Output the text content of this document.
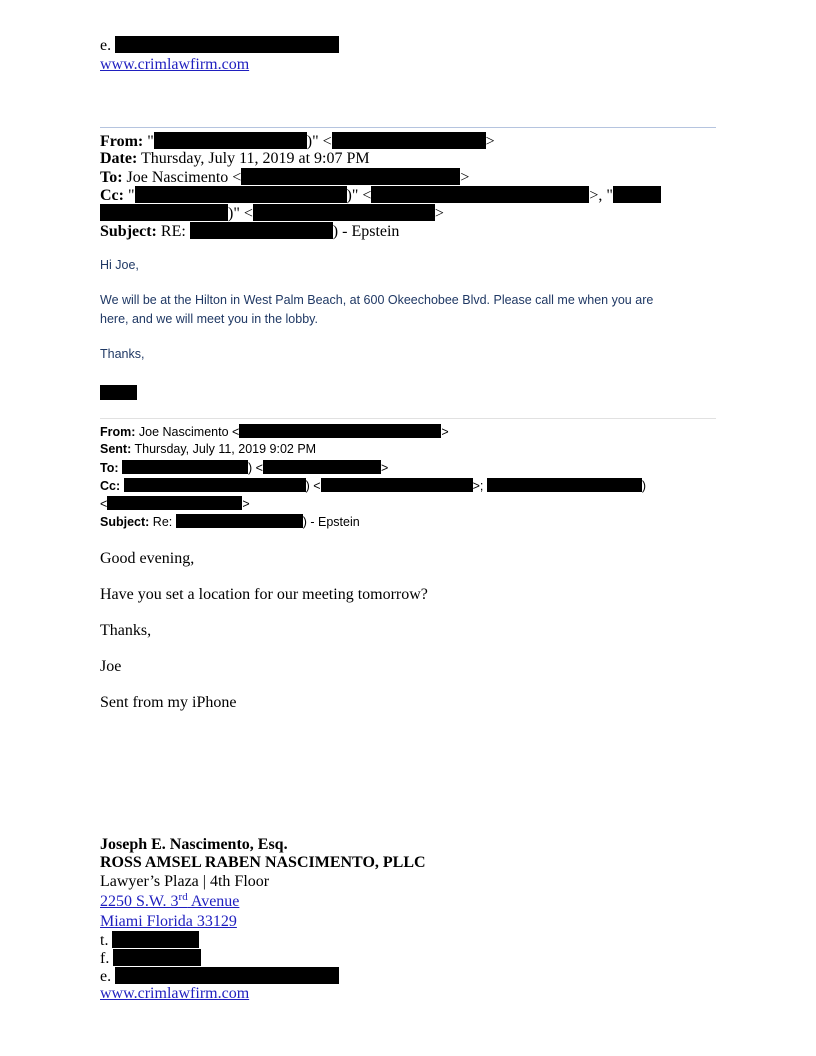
e.
www.crimlawfirm.com
From: "	)" <	>
Date: Thursday, July 11, 2019 at 9:07 PM
To: Joe Nascimento <	>
Cc: "	)" <	>, "
)" <	>
Subject: RE:	) - Epstein
Hi Joe,
We will be at the Hilton in West Palm Beach, at 600 Okeechobee Blvd. Please call me when you are
here, and we will meet you in the lobby.
Thanks,
From: Joe Nascimento <	>
Sent: Thursday, July 11, 2019 9:02 PM
To:	) <	>
Cc:	) <	>;	)
<	>
Subject: Re:	) - Epstein
Good evening,
Have you set a location for our meeting tomorrow?
Thanks,
Joe
Sent from my iPhone
Joseph E. Nascimento, Esq.
ROSS AMSEL RABEN NASCIMENTO, PLLC
Lawyer’s Plaza | 4th Floor
2250 S.W. 3rd Avenue
Miami Florida 33129
t.
f.
e.
www.crimlawfirm.com
